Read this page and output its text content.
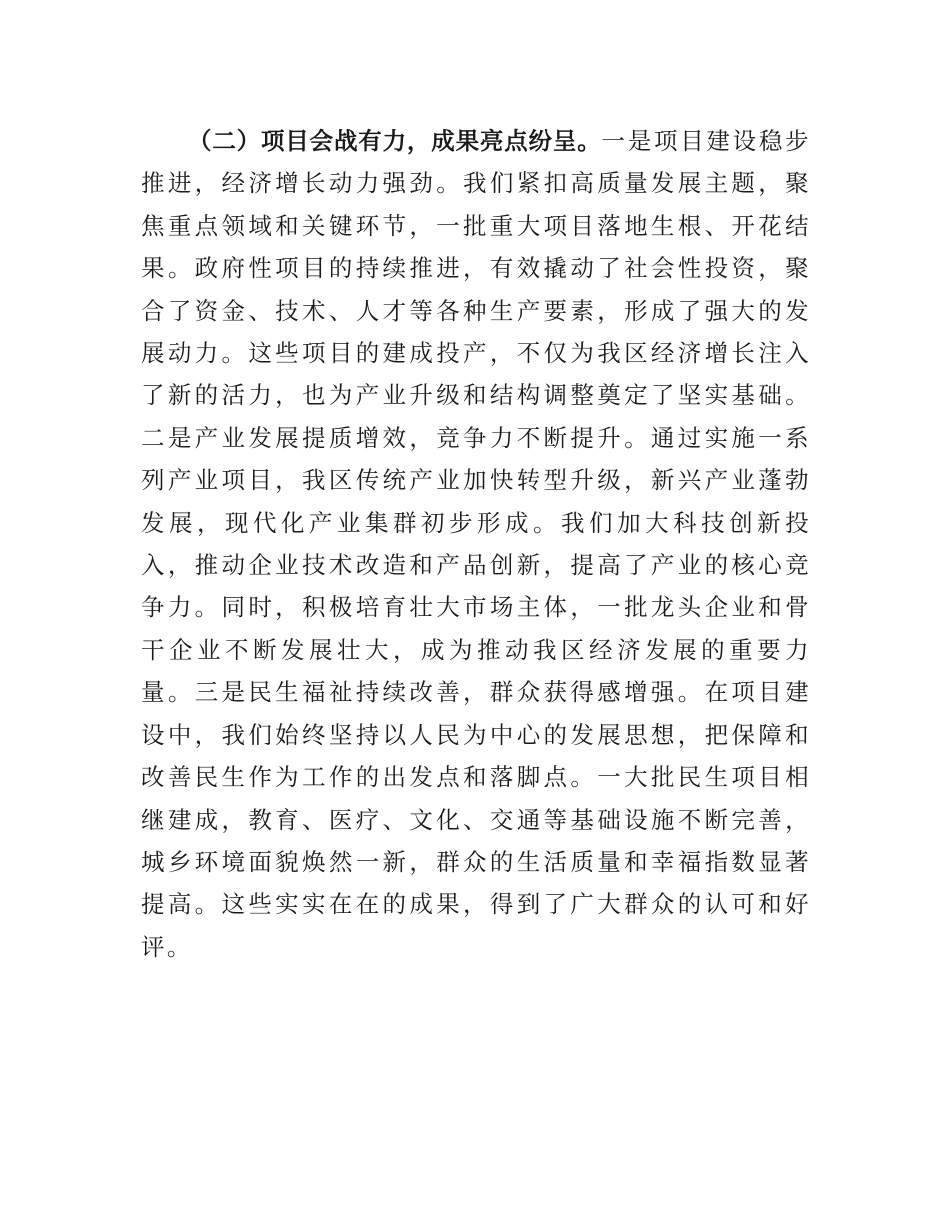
（二）项目会战有力，成果亮点纷呈。一是项目建设稳步推进，经济增长动力强劲。我们紧扣高质量发展主题，聚焦重点领域和关键环节，一批重大项目落地生根、开花结果。政府性项目的持续推进，有效撬动了社会性投资，聚合了资金、技术、人才等各种生产要素，形成了强大的发展动力。这些项目的建成投产，不仅为我区经济增长注入了新的活力，也为产业升级和结构调整奠定了坚实基础。二是产业发展提质增效，竞争力不断提升。通过实施一系列产业项目，我区传统产业加快转型升级，新兴产业蓬勃发展，现代化产业集群初步形成。我们加大科技创新投入，推动企业技术改造和产品创新，提高了产业的核心竞争力。同时，积极培育壮大市场主体，一批龙头企业和骨干企业不断发展壮大，成为推动我区经济发展的重要力量。三是民生福祉持续改善，群众获得感增强。在项目建设中，我们始终坚持以人民为中心的发展思想，把保障和改善民生作为工作的出发点和落脚点。一大批民生项目相继建成，教育、医疗、文化、交通等基础设施不断完善，城乡环境面貌焕然一新，群众的生活质量和幸福指数显著提高。这些实实在在的成果，得到了广大群众的认可和好评。
